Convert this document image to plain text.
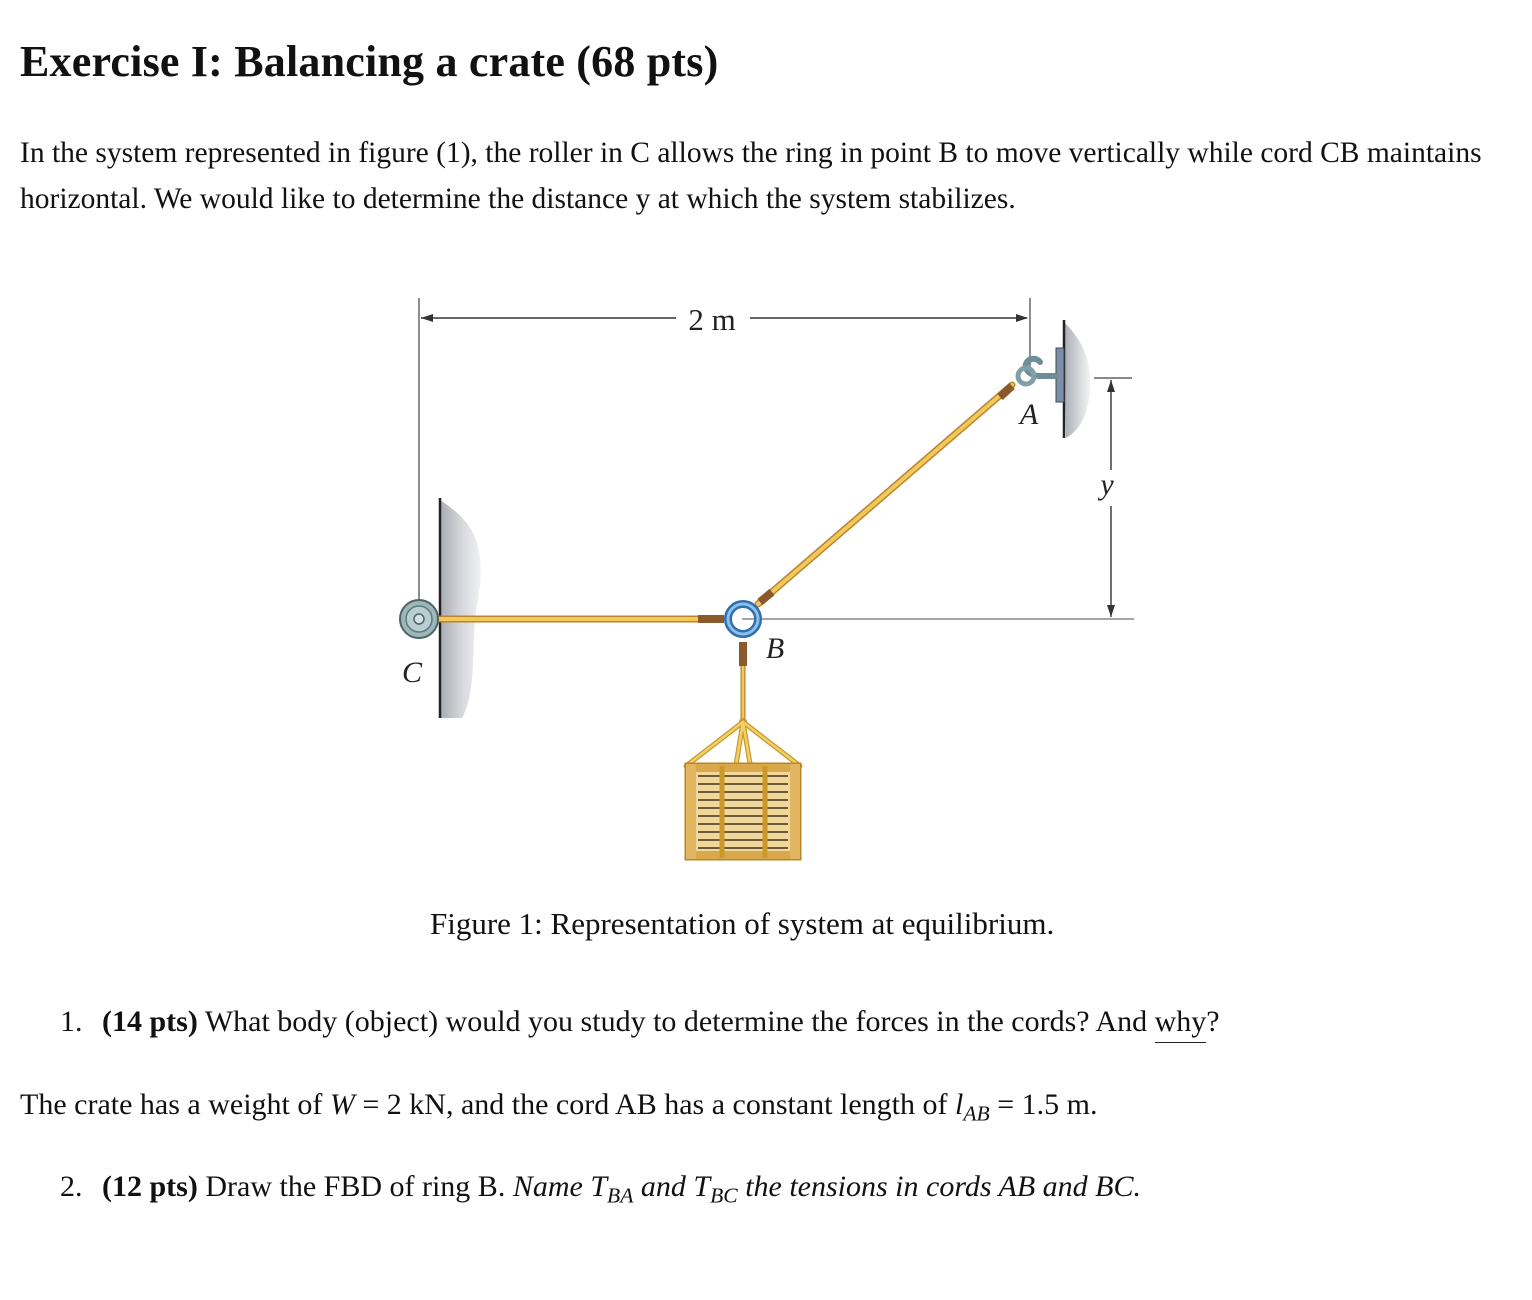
Exercise I: Balancing a crate (68 pts)

In the system represented in figure (1), the roller in C allows the ring in point B to move vertically while cord CB maintains horizontal. We would like to determine the distance y at which the system stabilizes.

2 m
y
A
C
B

Figure 1: Representation of system at equilibrium.

1. (14 pts) What body (object) would you study to determine the forces in the cords? And why?

The crate has a weight of W = 2 kN, and the cord AB has a constant length of $l_{AB} = 1.5$ m.

2. (12 pts) Draw the FBD of ring B. Name $T_{BA}$ and $T_{BC}$ the tensions in cords AB and BC.
